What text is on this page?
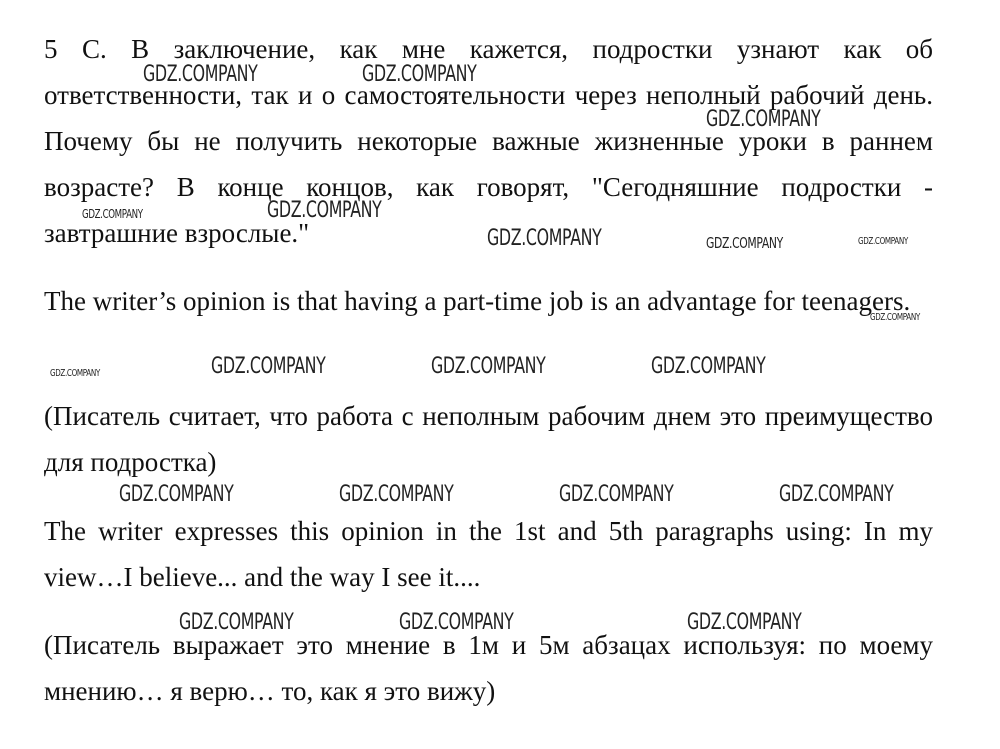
5 C. В заключение, как мне кажется, подростки узнают как об ответственности, так и о самостоятельности через неполный рабочий день. Почему бы не получить некоторые важные жизненные уроки в раннем возрасте? В конце концов, как говорят, "Сегодняшние подростки - завтрашние взрослые."

The writer’s opinion is that having a part-time job is an advantage for teenagers.

(Писатель считает, что работа с неполным рабочим днем это преимущество для подростка)

The writer expresses this opinion in the 1st and 5th paragraphs using: In my view…I believe... and the way I see it....

(Писатель выражает это мнение в 1м и 5м абзацах используя: по моему мнению… я верю… то, как я это вижу)

GDZ.COMPANY	GDZ.COMPANY
GDZ.COMPANY
GDZ.COMPANY	GDZ.COMPANY
GDZ.COMPANY	GDZ.COMPANY	GDZ.COMPANY
GDZ.COMPANY
GDZ.COMPANY	GDZ.COMPANY	GDZ.COMPANY	GDZ.COMPANY
GDZ.COMPANY	GDZ.COMPANY	GDZ.COMPANY	GDZ.COMPANY
GDZ.COMPANY	GDZ.COMPANY	GDZ.COMPANY
